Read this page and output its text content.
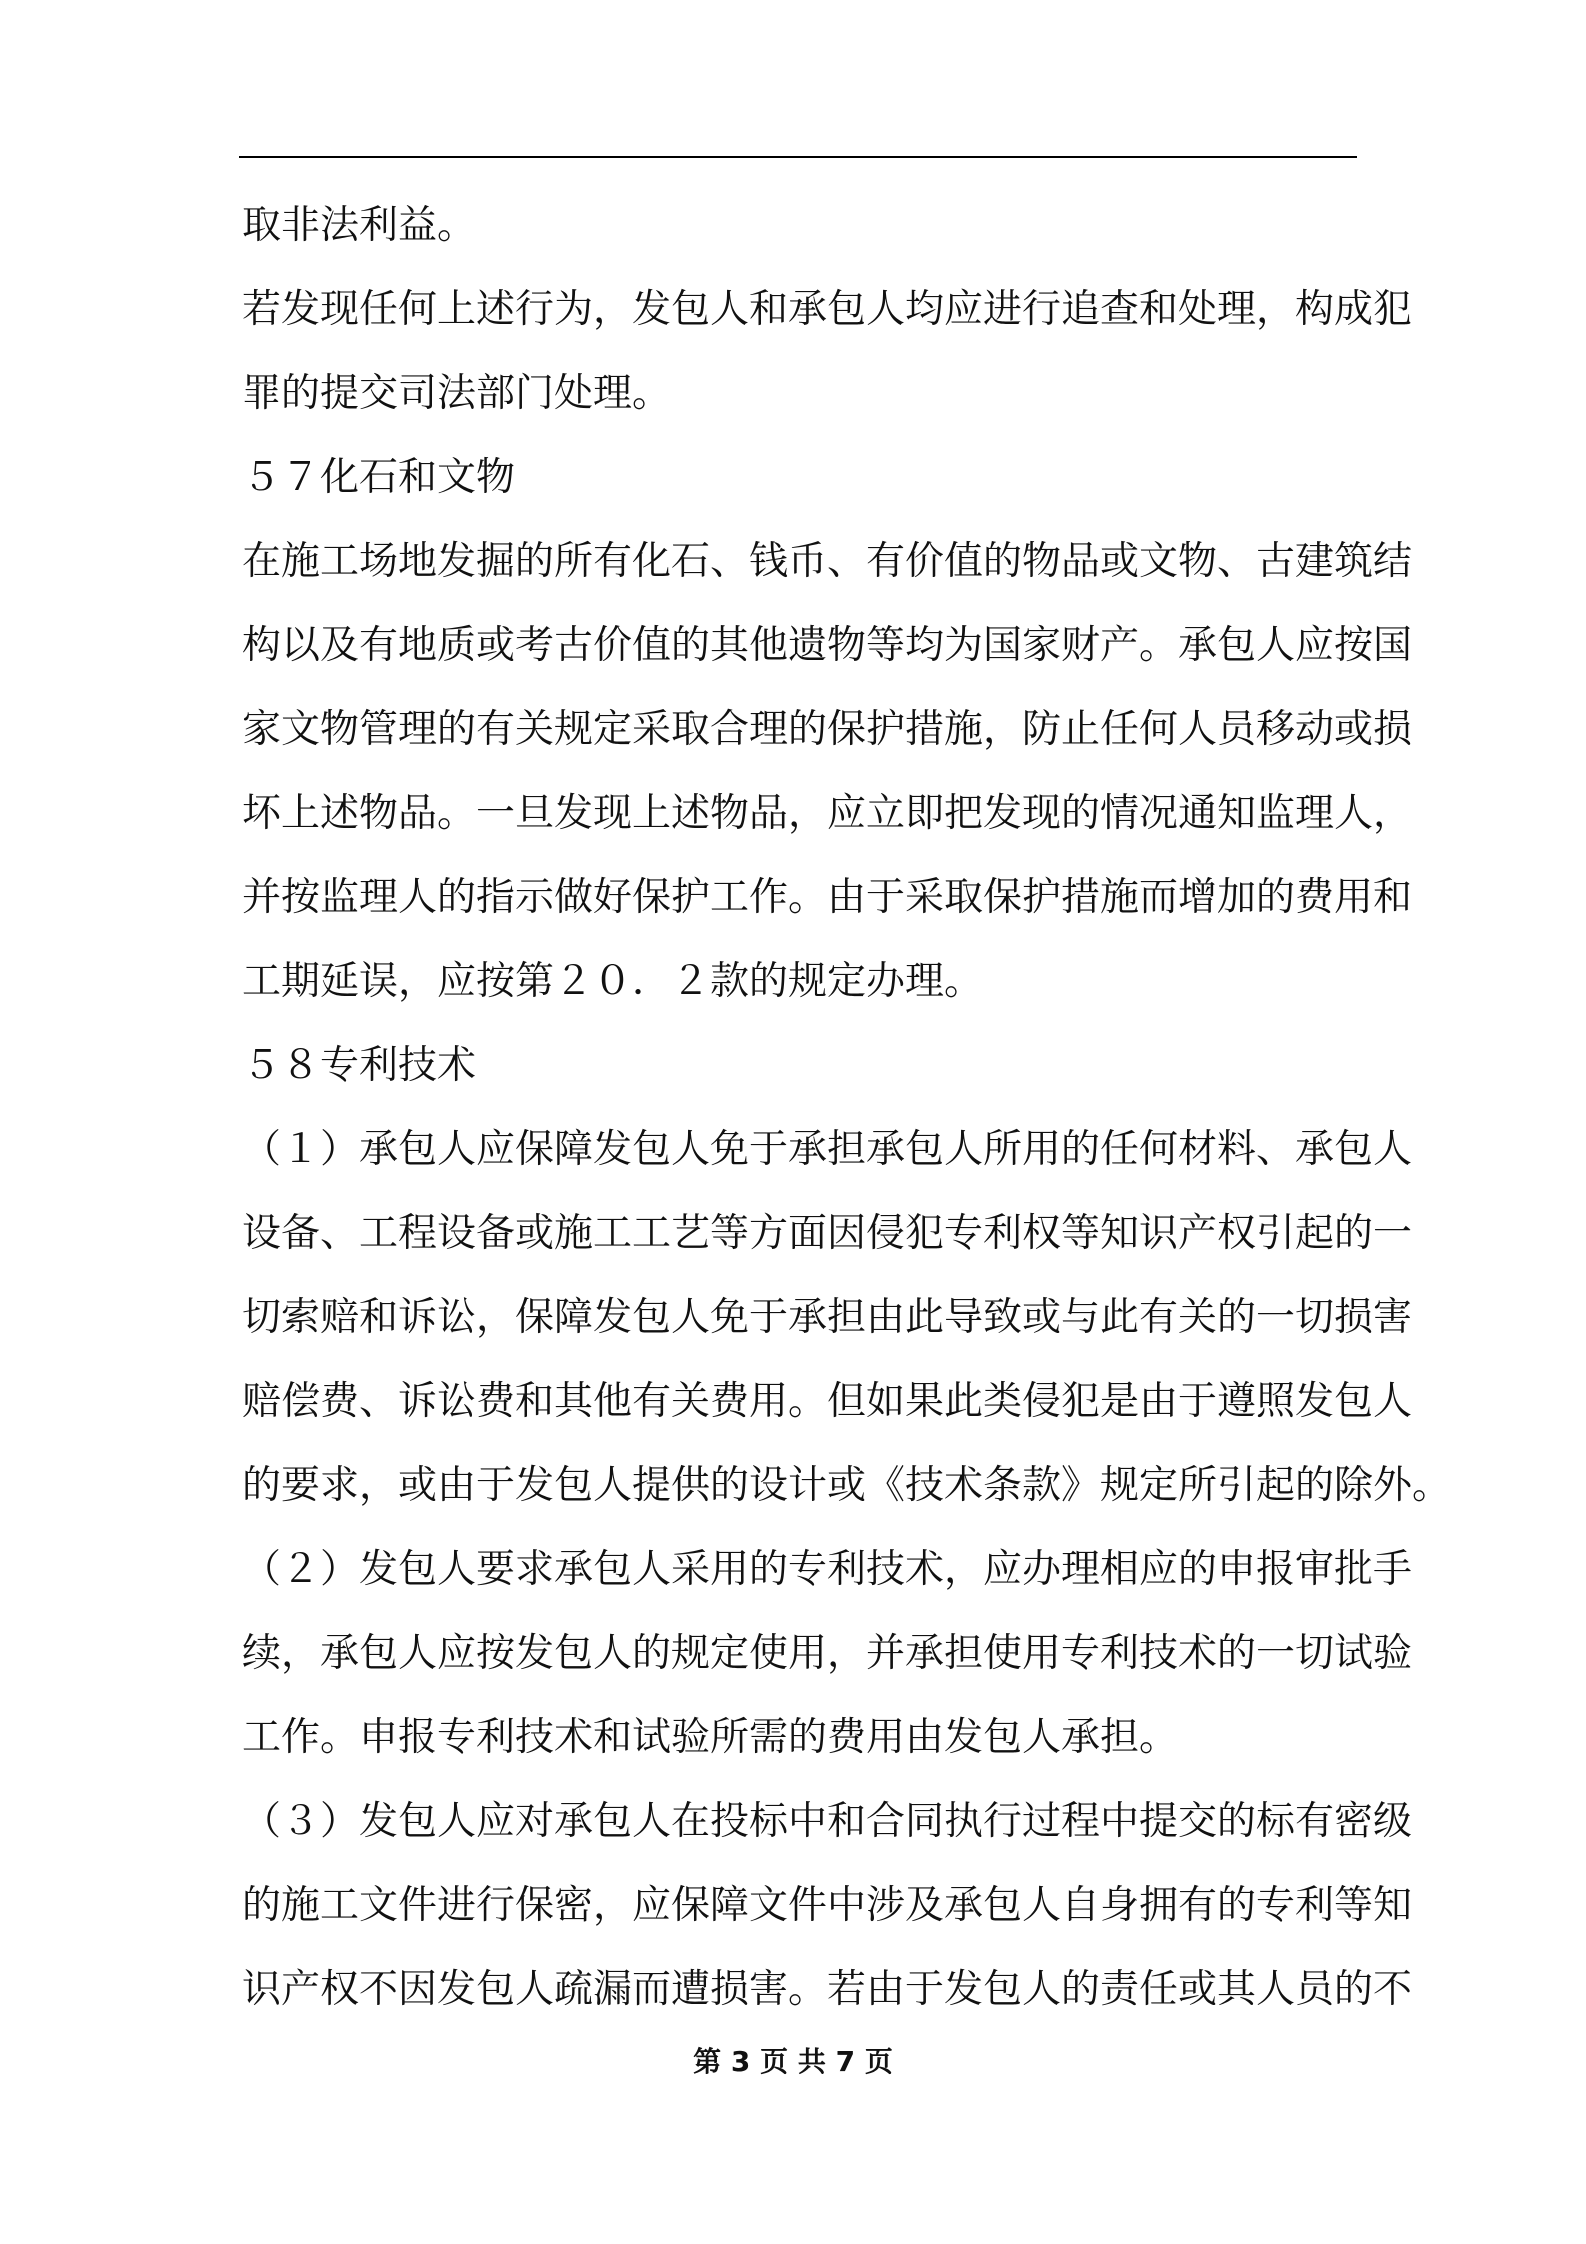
取非法利益。
若发现任何上述行为，发包人和承包人均应进行追查和处理，构成犯
罪的提交司法部门处理。
５７化石和文物
在施工场地发掘的所有化石、钱币、有价值的物品或文物、古建筑结
构以及有地质或考古价值的其他遗物等均为国家财产。承包人应按国
家文物管理的有关规定采取合理的保护措施，防止任何人员移动或损
坏上述物品。一旦发现上述物品，应立即把发现的情况通知监理人，
并按监理人的指示做好保护工作。由于采取保护措施而增加的费用和
工期延误，应按第２０．２款的规定办理。
５８专利技术
（１）承包人应保障发包人免于承担承包人所用的任何材料、承包人
设备、工程设备或施工工艺等方面因侵犯专利权等知识产权引起的一
切索赔和诉讼，保障发包人免于承担由此导致或与此有关的一切损害
赔偿费、诉讼费和其他有关费用。但如果此类侵犯是由于遵照发包人
的要求，或由于发包人提供的设计或《技术条款》规定所引起的除外。
（２）发包人要求承包人采用的专利技术，应办理相应的申报审批手
续，承包人应按发包人的规定使用，并承担使用专利技术的一切试验
工作。申报专利技术和试验所需的费用由发包人承担。
（３）发包人应对承包人在投标中和合同执行过程中提交的标有密级
的施工文件进行保密，应保障文件中涉及承包人自身拥有的专利等知
识产权不因发包人疏漏而遭损害。若由于发包人的责任或其人员的不
第 3 页 共 7 页
